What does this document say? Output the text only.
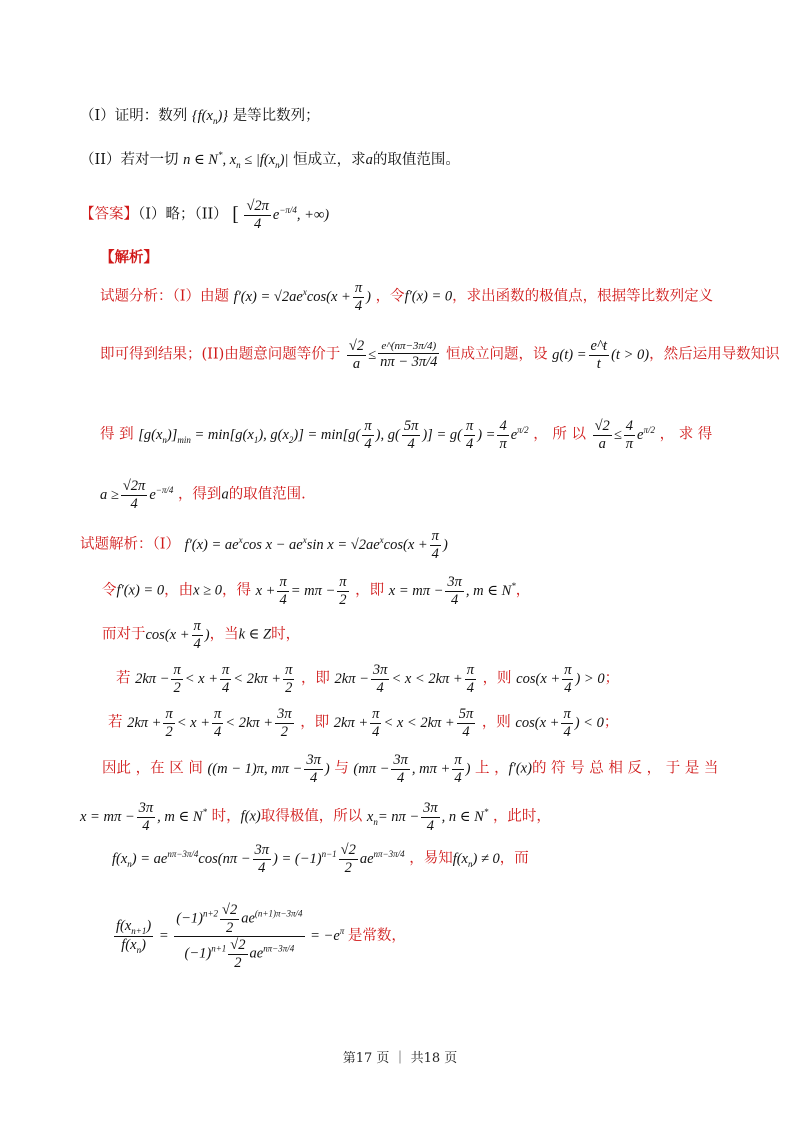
（I）证明：数列 $\{f(x_n)\}$ 是等比数列；
（II）若对一切 n ∈ N*, $x_n \le |f(x_n)|$ 恒成立，求a的取值范围。
【答案】（I）略；（II） [ $\frac{√2\pi}{4} e^{-\pi/4}$, +∞)
【解析】
试题分析：（I）由题 $f'(x) = √2ae^x\cos(x + \frac{\pi}{4}$ ) ，令f′(x) = 0，求出函数的极值点，根据等比数列定义
即可得到结果；(II)由题意问题等价于 $\frac{√2}{a} \le \frac{e\^{}(n\pi-3\pi/4)}{n\pi - 3\pi/4}$ 恒成立问题，设 $g(t) = \frac{e\^{}t}{t} (t > 0)$，然后运用导数知识
得 到 $[g(x_n)]_{min} = \min[g(x_1)$, $g(x_2)] = \min[g( \frac{\pi}{4}$ ), $g( \frac{5\pi}{4}$ )] = $g( \frac{\pi}{4}$ ) = $\frac{4}{\pi} e^{\pi/2}$ ， 所 以 $\frac{√2}{a} \le \frac{4}{\pi} e^{\pi/2}$ ， 求 得
$a \ge \frac{√2\pi}{4} e^{-\pi/4}$ ，得到a的取值范围.
试题解析：（I） $f'(x) = ae^x\cos$ $x - ae^x\sin$ $x = √2ae^x\cos(x + \frac{\pi}{4}$ )
令f′(x) = 0，由x ≥ 0，得 $x + \frac{\pi}{4} = m\pi - \frac{\pi}{2}$ ，即 $x = m\pi - \frac{3\pi}{4}$ , m ∈ N*，
而对于$\cos(x + \frac{\pi}{4}$ )，当k ∈ Z时，
若 $2k\pi - \frac{\pi}{2} < x + \frac{\pi}{4} < 2k\pi + \frac{\pi}{2}$ ，即 $2k\pi - \frac{3\pi}{4} < x < 2k\pi + \frac{\pi}{4}$ ，则 $\cos(x + \frac{\pi}{4}$ ) > 0；
若 $2k\pi + \frac{\pi}{2} < x + \frac{\pi}{4} < 2k\pi + \frac{3\pi}{2}$ ，即 $2k\pi + \frac{\pi}{4} < x < 2k\pi + \frac{5\pi}{4}$ ，则 $\cos(x + \frac{\pi}{4}$ ) < 0；
因此 ，在 区 间 ((m − 1)π, $m\pi - \frac{3\pi}{4}$ ) 与 ($m\pi - \frac{3\pi}{4}$ , $m\pi + \frac{\pi}{4}$ ) 上 ，f′(x)的 符 号 总 相 反 ， 于 是 当
$x = m\pi - \frac{3\pi}{4}$ , m ∈ N* 时，f(x)取得极值，所以 $x_n= n\pi - \frac{3\pi}{4}$ , n ∈ N* ，此时，
$f(x_n) = ae^{n\pi-3\pi/4}\cos(n\pi - \frac{3\pi}{4}$ ) = $(-1)^{n-1} \frac{√2}{2} ae^{n\pi-3\pi/4}$ ，易知$f(x_n) \ne 0$，而
$\frac{f(x_{n+1})}{f(x_n)} = \frac{(-1)^{n+2} \frac{√2}{2} ae^{(n+1)\pi-3\pi/4}}{(-1)^{n+1} \frac{√2}{2} ae^{n\pi-3\pi/4}} = -e^\pi$ 是常数，
第17 页 ｜ 共18 页
